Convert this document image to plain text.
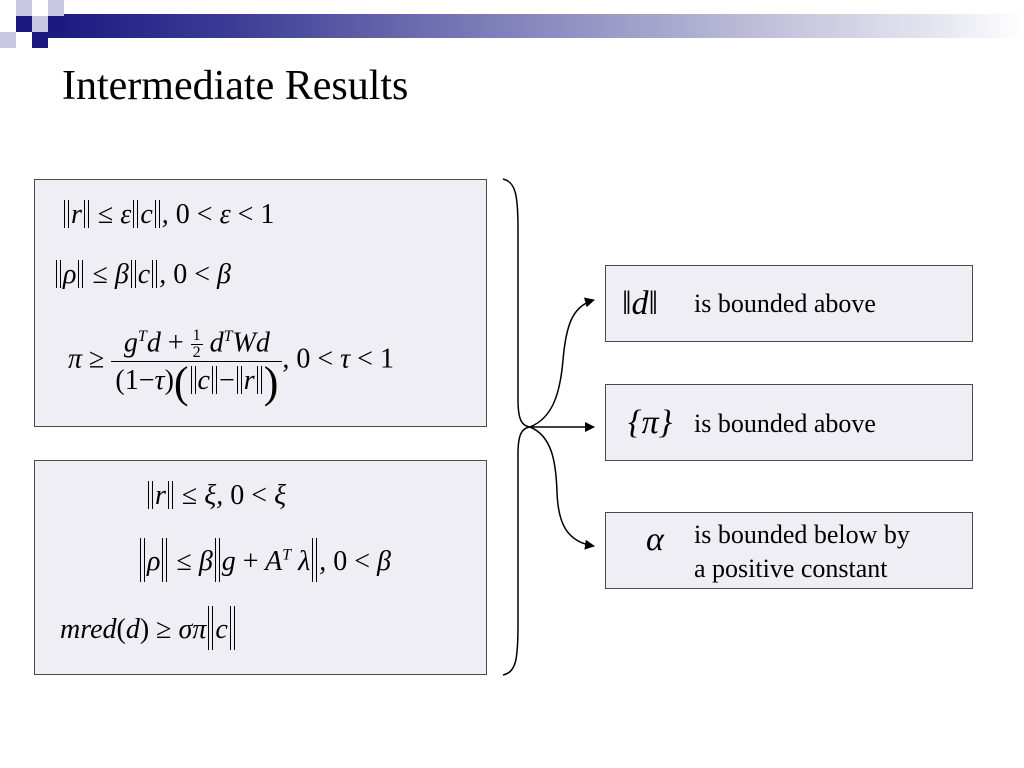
Intermediate Results
r ≤ ε c , 0 < ε < 1
ρ ≤ β c , 0 < β
$\pi \ge \frac{g^Td + \frac{1}{2} d^TWd}{(1-\tau)( c - r )}$ , 0 < τ < 1
r ≤ ξ, 0 < ξ
ρ ≤ β $g + A^T$ λ , 0 < β
mred(d) ≥ σπ c
‖d‖ is bounded above
{π} is bounded above
α is bounded below by
a positive constant
